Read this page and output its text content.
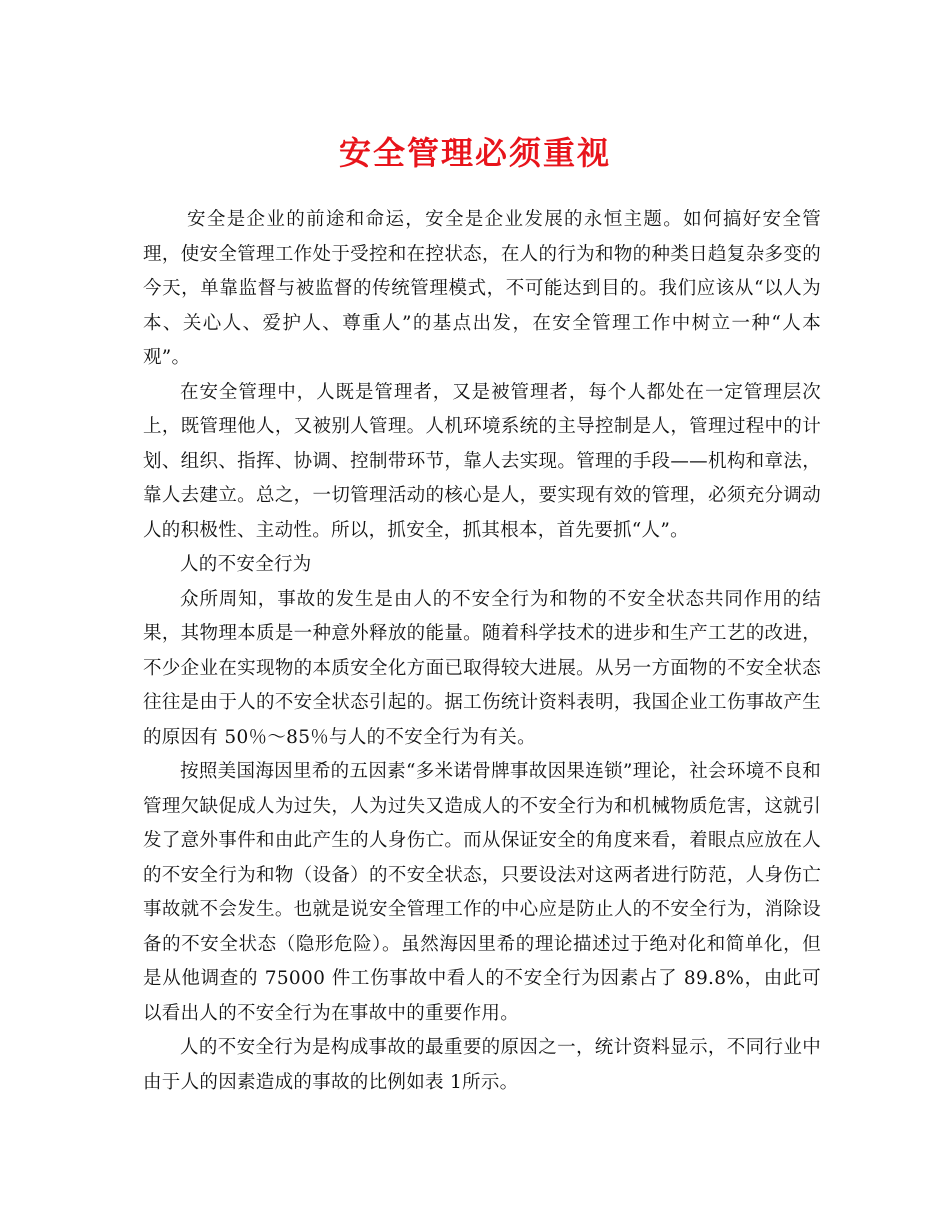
安全管理必须重视

安全是企业的前途和命运，安全是企业发展的永恒主题。如何搞好安全管理，使安全管理工作处于受控和在控状态，在人的行为和物的种类日趋复杂多变的今天，单靠监督与被监督的传统管理模式，不可能达到目的。我们应该从“以人为本、关心人、爱护人、尊重人”的基点出发，在安全管理工作中树立一种“人本观”。

在安全管理中，人既是管理者，又是被管理者，每个人都处在一定管理层次上，既管理他人，又被别人管理。人机环境系统的主导控制是人，管理过程中的计划、组织、指挥、协调、控制带环节，靠人去实现。管理的手段——机构和章法，靠人去建立。总之，一切管理活动的核心是人，要实现有效的管理，必须充分调动人的积极性、主动性。所以，抓安全，抓其根本，首先要抓“人”。

人的不安全行为

众所周知，事故的发生是由人的不安全行为和物的不安全状态共同作用的结果，其物理本质是一种意外释放的能量。随着科学技术的进步和生产工艺的改进，不少企业在实现物的本质安全化方面已取得较大进展。从另一方面物的不安全状态往往是由于人的不安全状态引起的。据工伤统计资料表明，我国企业工伤事故产生的原因有 50％～85％与人的不安全行为有关。

按照美国海因里希的五因素“多米诺骨牌事故因果连锁”理论，社会环境不良和管理欠缺促成人为过失，人为过失又造成人的不安全行为和机械物质危害，这就引发了意外事件和由此产生的人身伤亡。而从保证安全的角度来看，着眼点应放在人的不安全行为和物（设备）的不安全状态，只要设法对这两者进行防范，人身伤亡事故就不会发生。也就是说安全管理工作的中心应是防止人的不安全行为，消除设备的不安全状态（隐形危险）。虽然海因里希的理论描述过于绝对化和简单化，但是从他调查的 75000 件工伤事故中看人的不安全行为因素占了 89.8%，由此可以看出人的不安全行为在事故中的重要作用。

人的不安全行为是构成事故的最重要的原因之一，统计资料显示，不同行业中由于人的因素造成的事故的比例如表 1所示。
